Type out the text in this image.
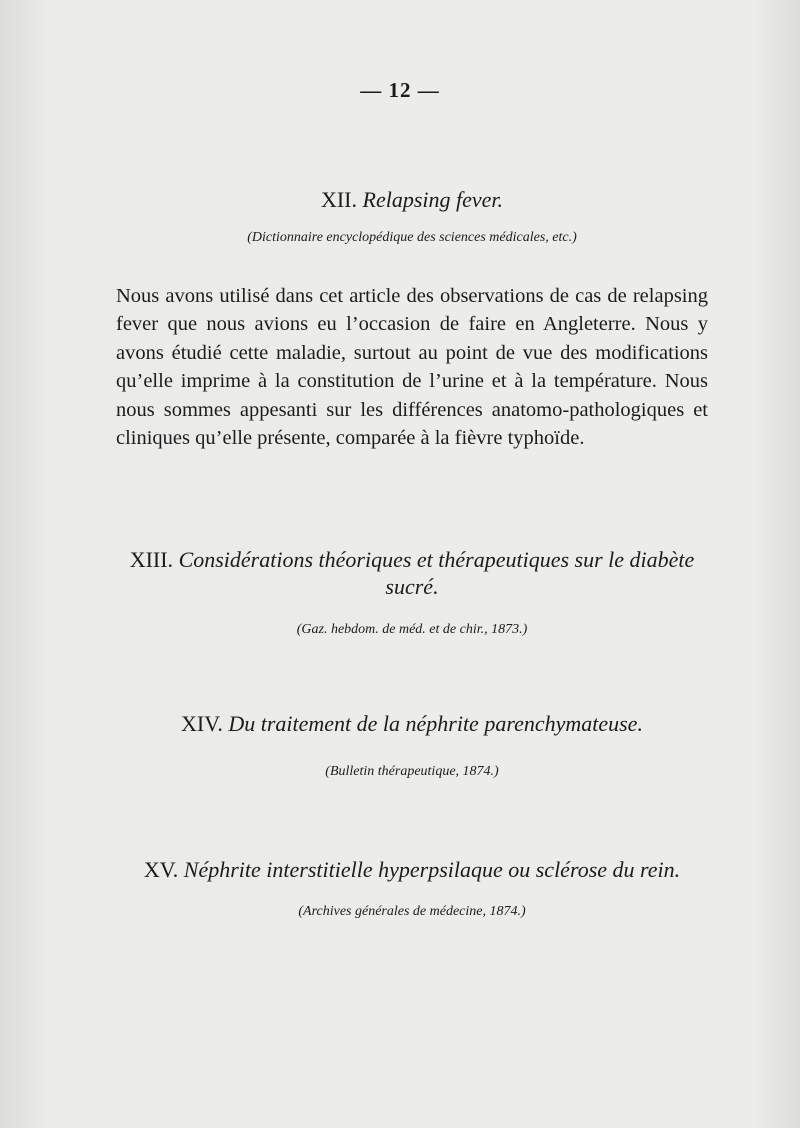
— 12 —
XII. Relapsing fever.
(Dictionnaire encyclopédique des sciences médicales, etc.)

Nous avons utilisé dans cet article des observations de cas de relapsing fever que nous avions eu l’occasion de faire en Angleterre. Nous y avons étudié cette maladie, surtout au point de vue des modifications qu’elle imprime à la constitution de l’urine et à la température. Nous nous sommes appesanti sur les différences anatomo-pathologiques et cliniques qu’elle présente, comparée à la fièvre typhoïde.

XIII. Considérations théoriques et thérapeutiques sur le diabète sucré.
(Gaz. hebdom. de méd. et de chir., 1873.)
XIV. Du traitement de la néphrite parenchymateuse.
(Bulletin thérapeutique, 1874.)
XV. Néphrite interstitielle hyperpsilaque ou sclérose du rein.
(Archives générales de médecine, 1874.)
